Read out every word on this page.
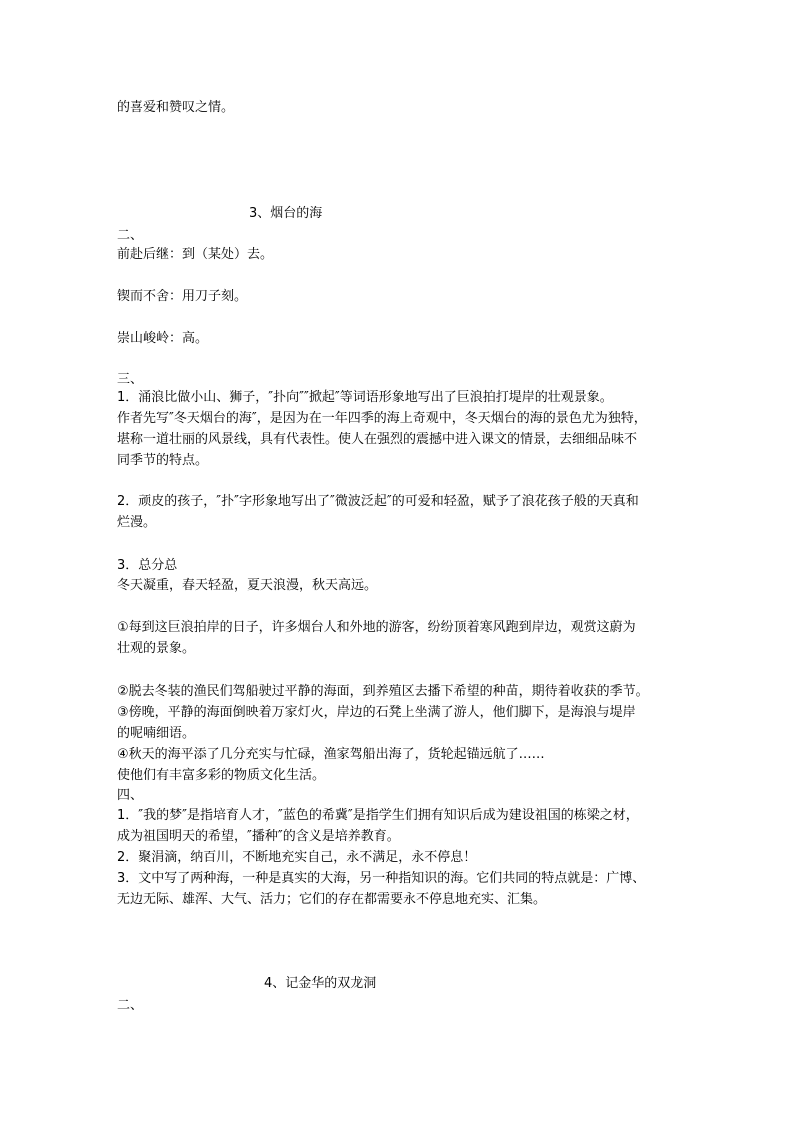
的喜爱和赞叹之情。

3、烟台的海

二、

前赴后继：到（某处）去。

锲而不舍：用刀子刻。

崇山峻岭：高。

三、

1．涌浪比做小山、狮子，″扑向″″掀起″等词语形象地写出了巨浪拍打堤岸的壮观景象。

作者先写″冬天烟台的海″，是因为在一年四季的海上奇观中，冬天烟台的海的景色尤为独特，

堪称一道壮丽的风景线，具有代表性。使人在强烈的震撼中进入课文的情景，去细细品味不

同季节的特点。

2．顽皮的孩子，″扑″字形象地写出了″微波泛起″的可爱和轻盈，赋予了浪花孩子般的天真和

烂漫。

3．总分总

冬天凝重，春天轻盈，夏天浪漫，秋天高远。

①每到这巨浪拍岸的日子，许多烟台人和外地的游客，纷纷顶着寒风跑到岸边，观赏这蔚为

壮观的景象。

②脱去冬装的渔民们驾船驶过平静的海面，到养殖区去播下希望的种苗，期待着收获的季节。

③傍晚，平静的海面倒映着万家灯火，岸边的石凳上坐满了游人，他们脚下，是海浪与堤岸

的呢喃细语。

④秋天的海平添了几分充实与忙碌，渔家驾船出海了，货轮起锚远航了……

使他们有丰富多彩的物质文化生活。

四、

1．″我的梦″是指培育人才，″蓝色的希冀″是指学生们拥有知识后成为建设祖国的栋梁之材，

成为祖国明天的希望，″播种″的含义是培养教育。

2．聚涓滴，纳百川，不断地充实自己，永不满足，永不停息！

3．文中写了两种海，一种是真实的大海，另一种指知识的海。它们共同的特点就是：广博、

无边无际、雄浑、大气、活力；它们的存在都需要永不停息地充实、汇集。

4、记金华的双龙洞

二、
